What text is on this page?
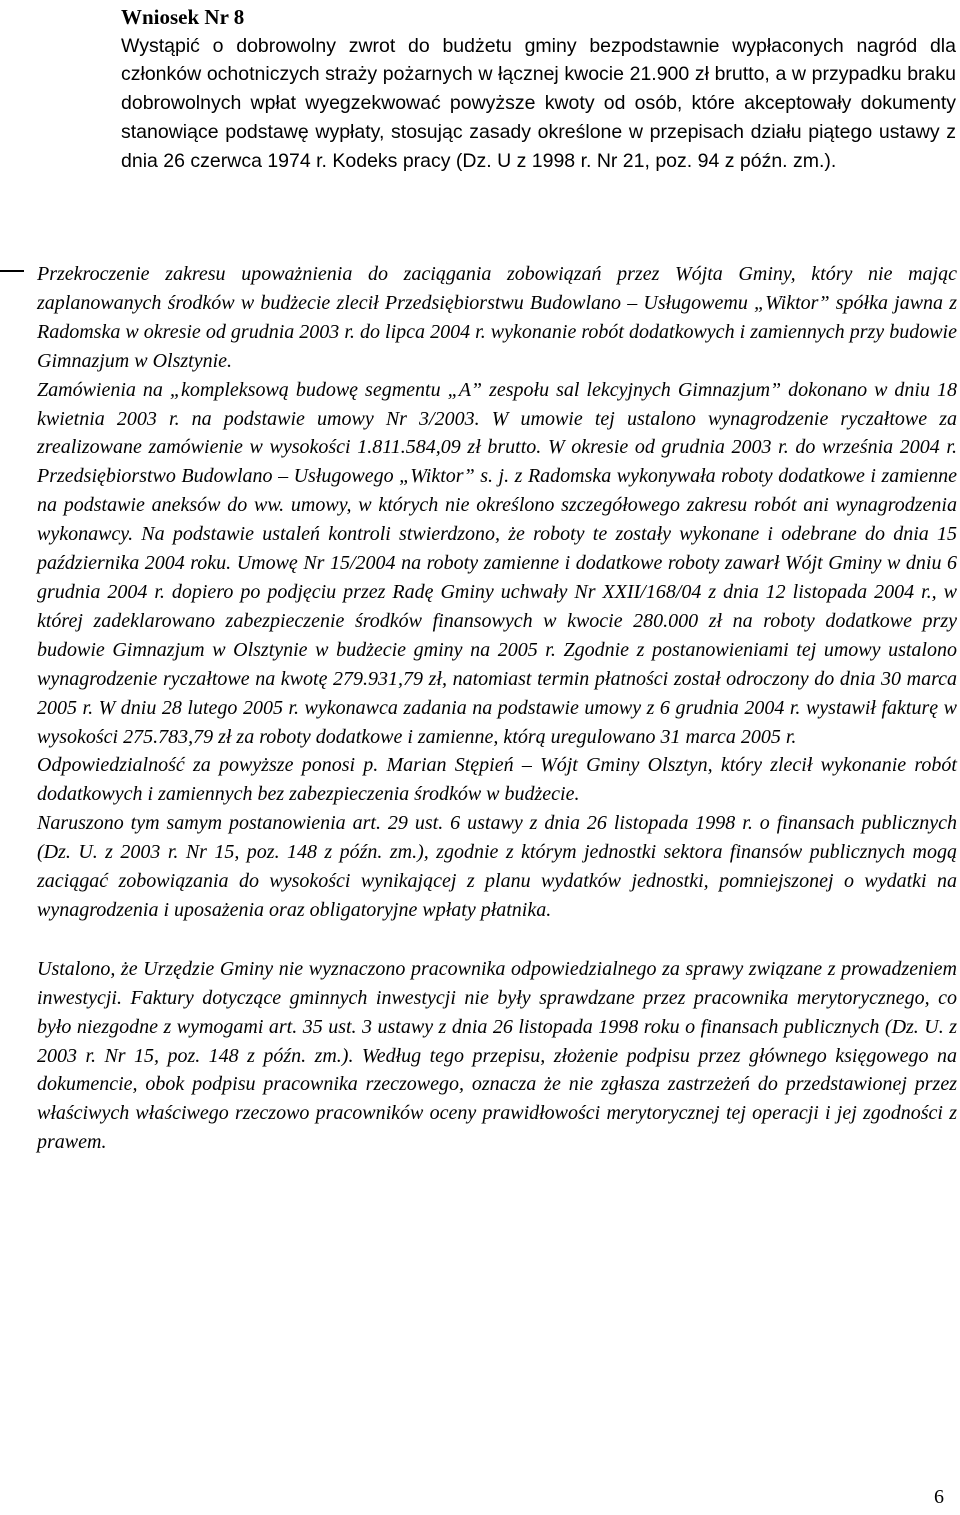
Wniosek Nr 8

Wystąpić o dobrowolny zwrot do budżetu gminy bezpodstawnie wypłaconych nagród dla członków ochotniczych straży pożarnych w łącznej kwocie 21.900 zł brutto, a w przypadku braku dobrowolnych wpłat wyegzekwować powyższe kwoty od osób, które akceptowały dokumenty stanowiące podstawę wypłaty, stosując zasady określone w przepisach działu piątego ustawy z dnia 26 czerwca 1974 r. Kodeks pracy (Dz. U z 1998 r. Nr 21, poz. 94 z późn. zm.).

Przekroczenie zakresu upoważnienia do zaciągania zobowiązań przez Wójta Gminy, który nie mając zaplanowanych środków w budżecie zlecił Przedsiębiorstwu Budowlano – Usługowemu „Wiktor” spółka jawna z Radomska w okresie od grudnia 2003 r. do lipca 2004 r. wykonanie robót dodatkowych i zamiennych przy budowie Gimnazjum w Olsztynie.

Zamówienia na „kompleksową budowę segmentu „A” zespołu sal lekcyjnych Gimnazjum” dokonano w dniu 18 kwietnia 2003 r. na podstawie umowy Nr 3/2003. W umowie tej ustalono wynagrodzenie ryczałtowe za zrealizowane zamówienie w wysokości 1.811.584,09 zł brutto. W okresie od grudnia 2003 r. do września 2004 r. Przedsiębiorstwo Budowlano – Usługowego „Wiktor” s. j. z Radomska wykonywała roboty dodatkowe i zamienne na podstawie aneksów do ww. umowy, w których nie określono szczegółowego zakresu robót ani wynagrodzenia wykonawcy. Na podstawie ustaleń kontroli stwierdzono, że roboty te zostały wykonane i odebrane do dnia 15 października 2004 roku. Umowę Nr 15/2004 na roboty zamienne i dodatkowe roboty zawarł Wójt Gminy w dniu 6 grudnia 2004 r. dopiero po podjęciu przez Radę Gminy uchwały Nr XXII/168/04 z dnia 12 listopada 2004 r., w której zadeklarowano zabezpieczenie środków finansowych w kwocie 280.000 zł na roboty dodatkowe przy budowie Gimnazjum w Olsztynie w budżecie gminy na 2005 r. Zgodnie z postanowieniami tej umowy ustalono wynagrodzenie ryczałtowe na kwotę 279.931,79 zł, natomiast termin płatności został odroczony do dnia 30 marca 2005 r. W dniu 28 lutego 2005 r. wykonawca zadania na podstawie umowy z 6 grudnia 2004 r. wystawił fakturę w wysokości 275.783,79 zł za roboty dodatkowe i zamienne, którą uregulowano 31 marca 2005 r.

Odpowiedzialność za powyższe ponosi p. Marian Stępień – Wójt Gminy Olsztyn, który zlecił wykonanie robót dodatkowych i zamiennych bez zabezpieczenia środków w budżecie.

Naruszono tym samym postanowienia art. 29 ust. 6 ustawy z dnia 26 listopada 1998 r. o finansach publicznych (Dz. U. z 2003 r. Nr 15, poz. 148 z późn. zm.), zgodnie z którym jednostki sektora finansów publicznych mogą zaciągać zobowiązania do wysokości wynikającej z planu wydatków jednostki, pomniejszonej o wydatki na wynagrodzenia i uposażenia oraz obligatoryjne wpłaty płatnika.

Ustalono, że Urzędzie Gminy nie wyznaczono pracownika odpowiedzialnego za sprawy związane z prowadzeniem inwestycji. Faktury dotyczące gminnych inwestycji nie były sprawdzane przez pracownika merytorycznego, co było niezgodne z wymogami art. 35 ust. 3 ustawy z dnia 26 listopada 1998 roku o finansach publicznych (Dz. U. z 2003 r. Nr 15, poz. 148 z późn. zm.). Według tego przepisu, złożenie podpisu przez głównego księgowego na dokumencie, obok podpisu pracownika rzeczowego, oznacza że nie zgłasza zastrzeżeń do przedstawionej przez właściwych właściwego rzeczowo pracowników oceny prawidłowości merytorycznej tej operacji i jej zgodności z prawem.

6
